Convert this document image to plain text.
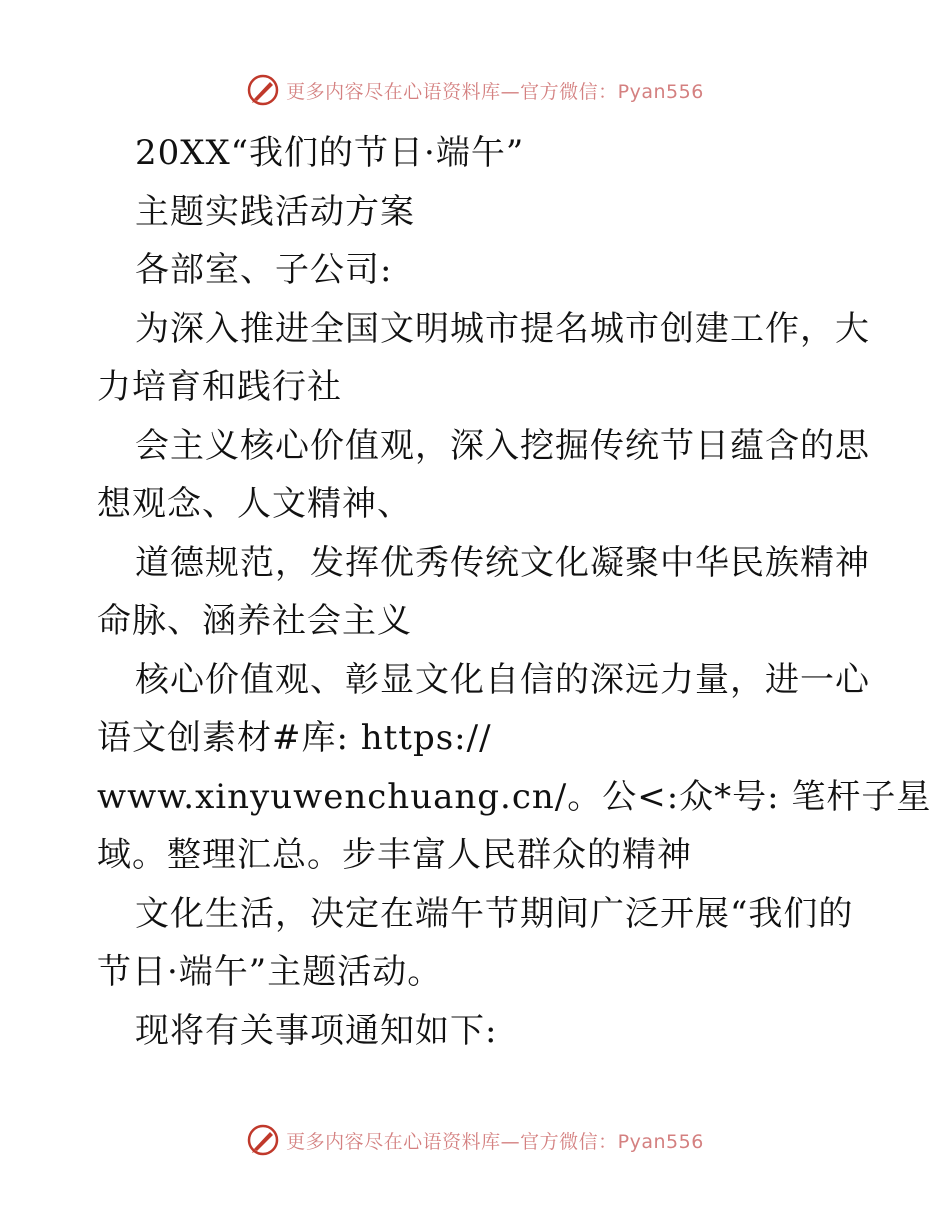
更多内容尽在心语资料库—官方微信：Pyan556
20XX“我们的节日·端午”
主题实践活动方案
各部室、子公司:
为深入推进全国文明城市提名城市创建工作，大
力培育和践行社
会主义核心价值观，深入挖掘传统节日蕴含的思
想观念、人文精神、
道德规范，发挥优秀传统文化凝聚中华民族精神
命脉、涵养社会主义
核心价值观、彰显文化自信的深远力量，进一心
语文创素材#库: https://
www.xinyuwenchuang.cn/。公<:众*号: 笔杆子星
域。整理汇总。步丰富人民群众的精神
文化生活，决定在端午节期间广泛开展“我们的
节日·端午”主题活动。
现将有关事项通知如下:
更多内容尽在心语资料库—官方微信：Pyan556
